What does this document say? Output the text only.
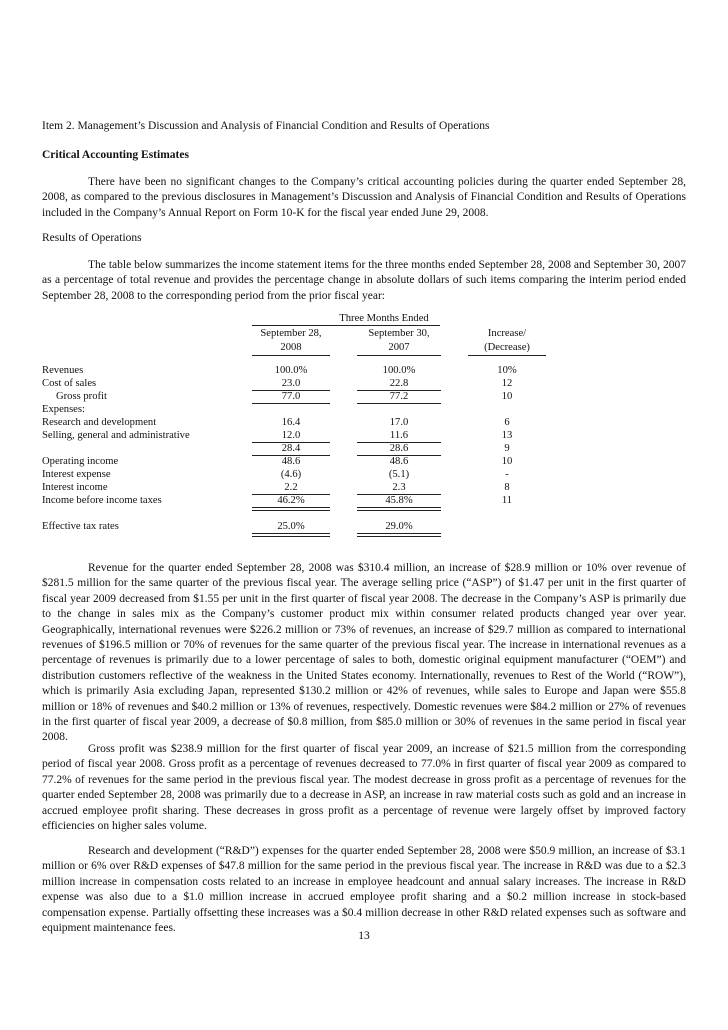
Item 2. Management’s Discussion and Analysis of Financial Condition and Results of Operations
Critical Accounting Estimates

There have been no significant changes to the Company’s critical accounting policies during the quarter ended September 28, 2008, as compared to the previous disclosures in Management’s Discussion and Analysis of Financial Condition and Results of Operations included in the Company’s Annual Report on Form 10-K for the fiscal year ended June 29, 2008.

Results of Operations

The table below summarizes the income statement items for the three months ended September 28, 2008 and September 30, 2007 as a percentage of total revenue and provides the percentage change in absolute dollars of such items comparing the interim period ended September 28, 2008 to the corresponding period from the prior fiscal year:

Three Months Ended
September 28,	September 30,	Increase/
2008	2007	(Decrease)
Revenues	100.0%	100.0%	10%
Cost of sales	23.0	22.8	12
Gross profit	77.0	77.2	10
Expenses:
Research and development	16.4	17.0	6
Selling, general and administrative	12.0	11.6	13
28.4	28.6	9
Operating income	48.6	48.6	10
Interest expense	(4.6)	(5.1)	-
Interest income	2.2	2.3	8
Income before income taxes	46.2%	45.8%	11
Effective tax rates	25.0%	29.0%

Revenue for the quarter ended September 28, 2008 was $310.4 million, an increase of $28.9 million or 10% over revenue of $281.5 million for the same quarter of the previous fiscal year. The average selling price (“ASP”) of $1.47 per unit in the first quarter of fiscal year 2009 decreased from $1.55 per unit in the first quarter of fiscal year 2008. The decrease in the Company’s ASP is primarily due to the change in sales mix as the Company’s customer product mix within consumer related products changed year over year. Geographically, international revenues were $226.2 million or 73% of revenues, an increase of $29.7 million as compared to international revenues of $196.5 million or 70% of revenues for the same quarter of the previous fiscal year. The increase in international revenues as a percentage of revenues is primarily due to a lower percentage of sales to both, domestic original equipment manufacturer (“OEM”) and distribution customers reflective of the weakness in the United States economy. Internationally, revenues to Rest of the World (“ROW”), which is primarily Asia excluding Japan, represented $130.2 million or 42% of revenues, while sales to Europe and Japan were $55.8 million or 18% of revenues and $40.2 million or 13% of revenues, respectively. Domestic revenues were $84.2 million or 27% of revenues in the first quarter of fiscal year 2009, a decrease of $0.8 million, from $85.0 million or 30% of revenues in the same period in fiscal year 2008.

Gross profit was $238.9 million for the first quarter of fiscal year 2009, an increase of $21.5 million from the corresponding period of fiscal year 2008. Gross profit as a percentage of revenues decreased to 77.0% in first quarter of fiscal year 2009 as compared to 77.2% of revenues for the same period in the previous fiscal year. The modest decrease in gross profit as a percentage of revenues for the quarter ended September 28, 2008 was primarily due to a decrease in ASP, an increase in raw material costs such as gold and an increase in accrued employee profit sharing. These decreases in gross profit as a percentage of revenue were largely offset by improved factory efficiencies on higher sales volume.

Research and development (“R&D”) expenses for the quarter ended September 28, 2008 were $50.9 million, an increase of $3.1 million or 6% over R&D expenses of $47.8 million for the same period in the previous fiscal year. The increase in R&D was due to a $2.3 million increase in compensation costs related to an increase in employee headcount and annual salary increases. The increase in R&D expense was also due to a $1.0 million increase in accrued employee profit sharing and a $0.2 million increase in stock-based compensation expense. Partially offsetting these increases was a $0.4 million decrease in other R&D related expenses such as software and equipment maintenance fees.

13
